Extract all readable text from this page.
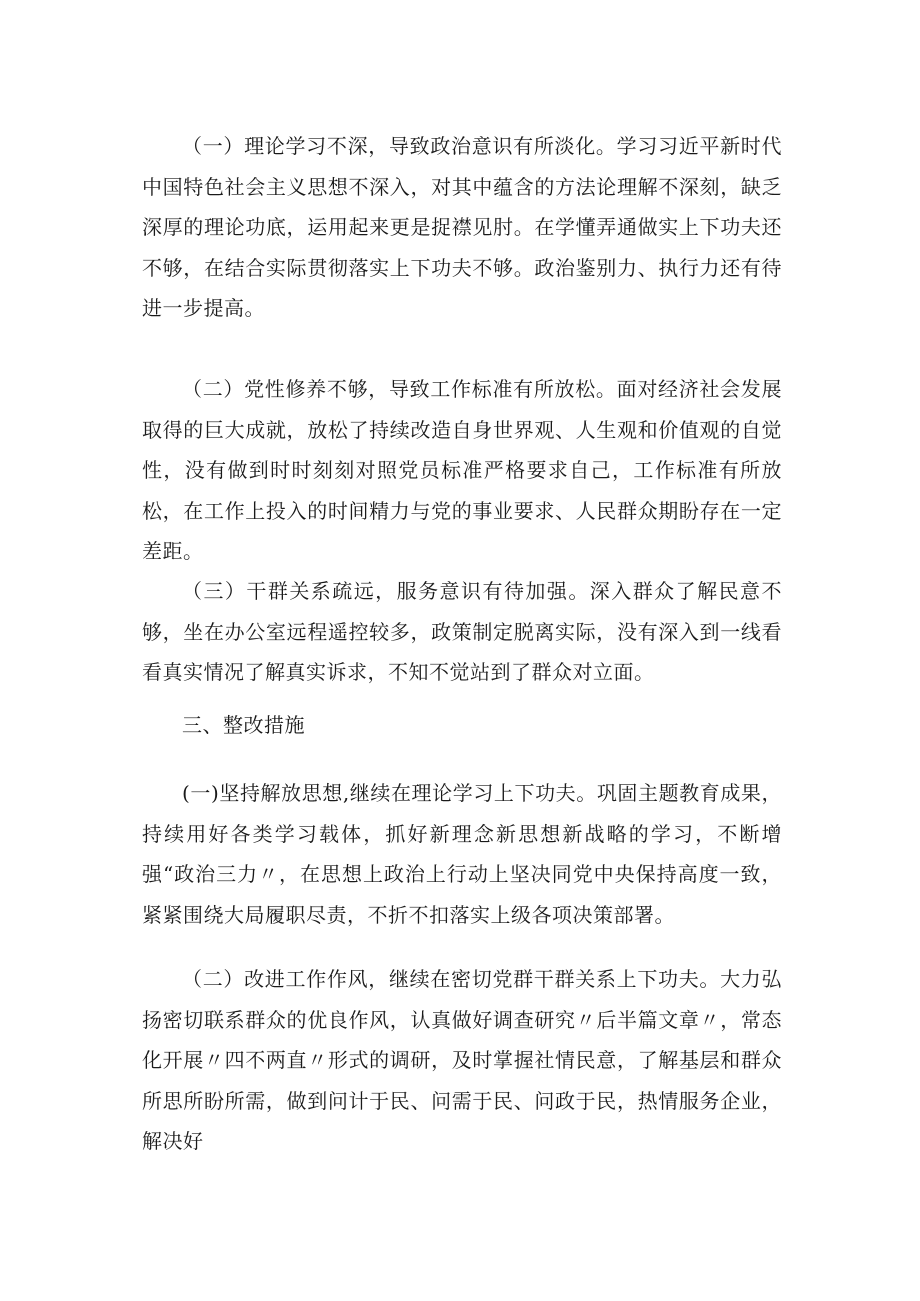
（一）理论学习不深，导致政治意识有所淡化。学习习近平新时代中国特色社会主义思想不深入，对其中蕴含的方法论理解不深刻，缺乏深厚的理论功底，运用起来更是捉襟见肘。在学懂弄通做实上下功夫还不够，在结合实际贯彻落实上下功夫不够。政治鉴别力、执行力还有待进一步提高。

（二）党性修养不够，导致工作标准有所放松。面对经济社会发展取得的巨大成就，放松了持续改造自身世界观、人生观和价值观的自觉性，没有做到时时刻刻对照党员标准严格要求自己，工作标准有所放松，在工作上投入的时间精力与党的事业要求、人民群众期盼存在一定差距。

（三）干群关系疏远，服务意识有待加强。深入群众了解民意不够，坐在办公室远程遥控较多，政策制定脱离实际，没有深入到一线看看真实情况了解真实诉求，不知不觉站到了群众对立面。

三、整改措施

(一)坚持解放思想,继续在理论学习上下功夫。巩固主题教育成果，持续用好各类学习载体，抓好新理念新思想新战略的学习，不断增强“政治三力〃，在思想上政治上行动上坚决同党中央保持高度一致，紧紧围绕大局履职尽责，不折不扣落实上级各项决策部署。

（二）改进工作作风，继续在密切党群干群关系上下功夫。大力弘扬密切联系群众的优良作风，认真做好调查研究〃后半篇文章〃，常态化开展〃四不两直〃形式的调研，及时掌握社情民意，了解基层和群众所思所盼所需，做到问计于民、问需于民、问政于民，热情服务企业，解决好
